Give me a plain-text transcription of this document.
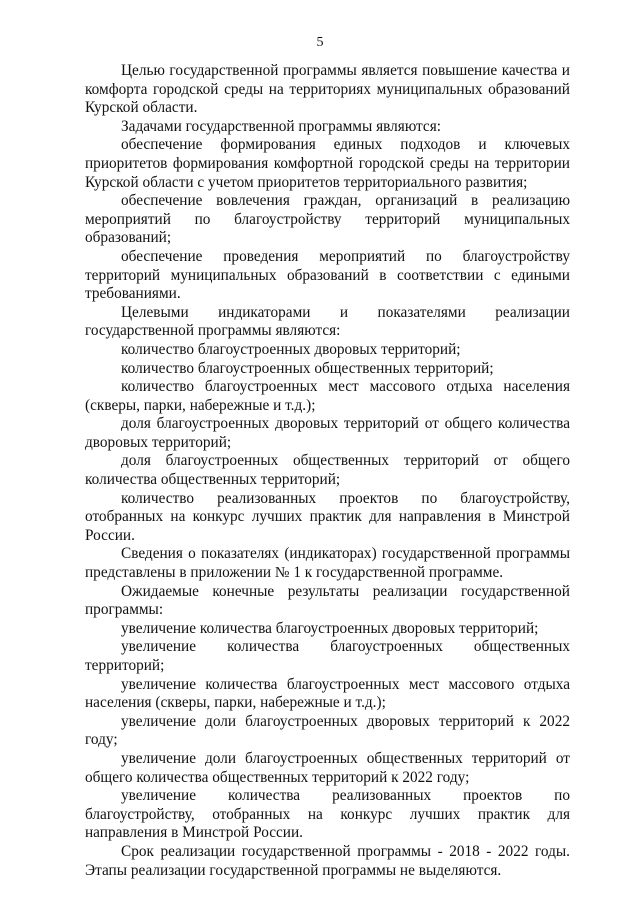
5

Целью государственной программы является повышение качества и комфорта городской среды на территориях муниципальных образований Курской области.

Задачами государственной программы являются:

обеспечение формирования единых подходов и ключевых приоритетов формирования комфортной городской среды на территории Курской области с учетом приоритетов территориального развития;

обеспечение вовлечения граждан, организаций в реализацию мероприятий по благоустройству территорий муниципальных образований;

обеспечение проведения мероприятий по благоустройству территорий муниципальных образований в соответствии с едиными требованиями.

Целевыми индикаторами и показателями реализации государственной программы являются:

количество благоустроенных дворовых территорий;

количество благоустроенных общественных территорий;

количество благоустроенных мест массового отдыха населения (скверы, парки, набережные и т.д.);

доля благоустроенных дворовых территорий от общего количества дворовых территорий;

доля благоустроенных общественных территорий от общего количества общественных территорий;

количество реализованных проектов по благоустройству, отобранных на конкурс лучших практик для направления в Минстрой России.

Сведения о показателях (индикаторах) государственной программы представлены в приложении № 1 к государственной программе.

Ожидаемые конечные результаты реализации государственной программы:

увеличение количества благоустроенных дворовых территорий;

увеличение количества благоустроенных общественных территорий;

увеличение количества благоустроенных мест массового отдыха населения (скверы, парки, набережные и т.д.);

увеличение доли благоустроенных дворовых территорий к 2022 году;

увеличение доли благоустроенных общественных территорий от общего количества общественных территорий к 2022 году;

увеличение количества реализованных проектов по благоустройству, отобранных на конкурс лучших практик для направления в Минстрой России.

Срок реализации государственной программы - 2018 - 2022 годы. Этапы реализации государственной программы не выделяются.
